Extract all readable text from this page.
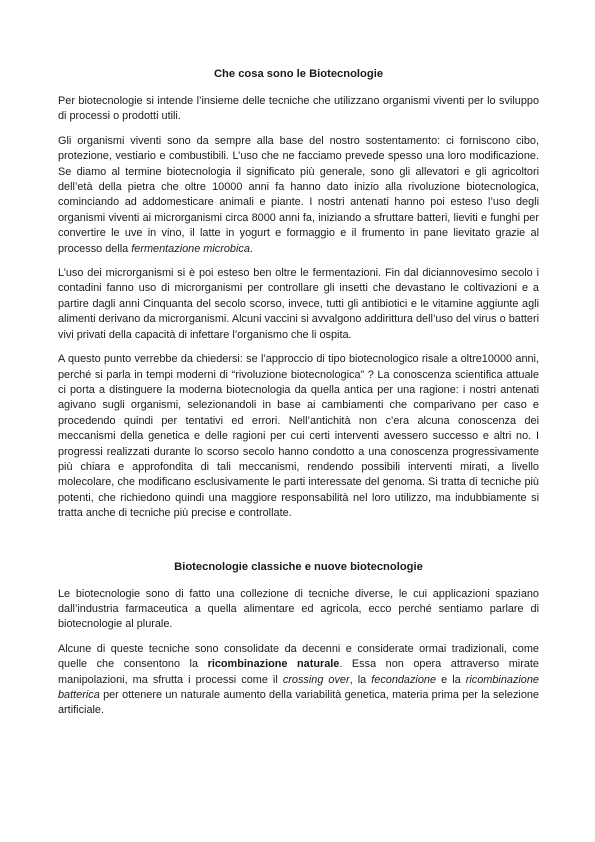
Che cosa sono le Biotecnologie

Per biotecnologie si intende l’insieme delle tecniche che utilizzano organismi viventi per lo sviluppo di processi o prodotti utili.

Gli organismi viventi sono da sempre alla base del nostro sostentamento: ci forniscono cibo, protezione, vestiario e combustibili. L’uso che ne facciamo prevede spesso una loro modificazione. Se diamo al termine biotecnologia il significato più generale, sono gli allevatori e gli agricoltori dell’età della pietra che oltre 10000 anni fa hanno dato inizio alla rivoluzione biotecnologica, cominciando ad addomesticare animali e piante. I nostri antenati hanno poi esteso l’uso degli organismi viventi ai microrganismi circa 8000 anni fa, iniziando a sfruttare batteri, lieviti e funghi per convertire le uve in vino, il latte in yogurt e formaggio e il frumento in pane lievitato grazie al processo della fermentazione microbica.

L’uso dei microrganismi si è poi esteso ben oltre le fermentazioni. Fin dal diciannovesimo secolo i contadini fanno uso di microrganismi per controllare gli insetti che devastano le coltivazioni e a partire dagli anni Cinquanta del secolo scorso, invece, tutti gli antibiotici e le vitamine aggiunte agli alimenti derivano da microrganismi. Alcuni vaccini si avvalgono addirittura dell’uso del virus o batteri vivi privati della capacità di infettare l’organismo che li ospita.

A questo punto verrebbe da chiedersi: se l’approccio di tipo biotecnologico risale a oltre10000 anni, perché si parla in tempi moderni di “rivoluzione biotecnologica” ? La conoscenza scientifica attuale ci porta a distinguere la moderna biotecnologia da quella antica per una ragione: i nostri antenati agivano sugli organismi, selezionandoli in base ai cambiamenti che comparivano per caso e procedendo quindi per tentativi ed errori. Nell’antichità non c’era alcuna conoscenza dei meccanismi della genetica e delle ragioni per cui certi interventi avessero successo e altri no. I progressi realizzati durante lo scorso secolo hanno condotto a una conoscenza progressivamente più chiara e approfondita di tali meccanismi, rendendo possibili interventi mirati, a livello molecolare, che modificano esclusivamente le parti interessate del genoma. Si tratta di tecniche più potenti, che richiedono quindi una maggiore responsabilità nel loro utilizzo, ma indubbiamente si tratta anche di tecniche più precise e controllate.

Biotecnologie classiche e nuove biotecnologie

Le biotecnologie sono di fatto una collezione di tecniche diverse, le cui applicazioni spaziano dall’industria farmaceutica a quella alimentare ed agricola, ecco perché sentiamo parlare di biotecnologie al plurale.

Alcune di queste tecniche sono consolidate da decenni e considerate ormai tradizionali, come quelle che consentono la ricombinazione naturale. Essa non opera attraverso mirate manipolazioni, ma sfrutta i processi come il crossing over, la fecondazione e la ricombinazione batterica per ottenere un naturale aumento della variabilità genetica, materia prima per la selezione artificiale.
